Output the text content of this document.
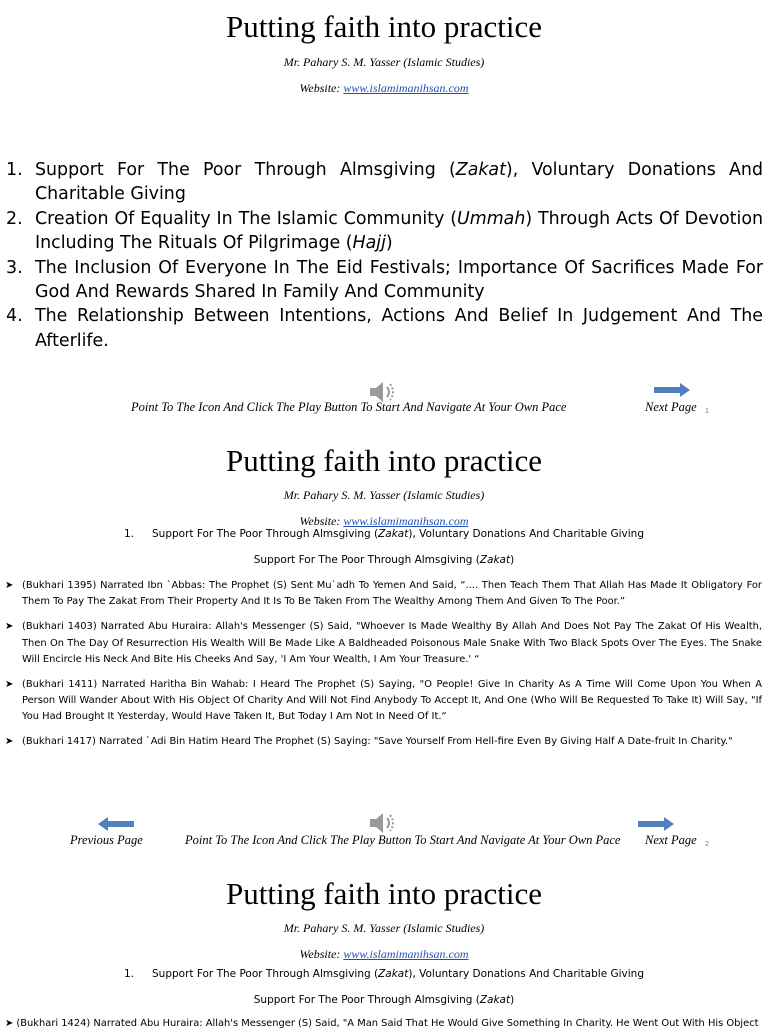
Putting faith into practice
Mr. Pahary S. M. Yasser (Islamic Studies)
Website: www.islamimanihsan.com
1. Support For The Poor Through Almsgiving (Zakat), Voluntary Donations And Charitable Giving
2. Creation Of Equality In The Islamic Community (Ummah) Through Acts Of Devotion Including The Rituals Of Pilgrimage (Hajj)
3. The Inclusion Of Everyone In The Eid Festivals; Importance Of Sacrifices Made For God And Rewards Shared In Family And Community
4. The Relationship Between Intentions, Actions And Belief In Judgement And The Afterlife.
Point To The Icon And Click The Play Button To Start And Navigate At Your Own Pace	Next Page 1
Putting faith into practice
Mr. Pahary S. M. Yasser (Islamic Studies)
Website: www.islamimanihsan.com
1. Support For The Poor Through Almsgiving (Zakat), Voluntary Donations And Charitable Giving
Support For The Poor Through Almsgiving (Zakat)
➤ (Bukhari 1395) Narrated Ibn `Abbas: The Prophet (S) Sent Mu`adh To Yemen And Said, “.... Then Teach Them That Allah Has Made It Obligatory For Them To Pay The Zakat From Their Property And It Is To Be Taken From The Wealthy Among Them And Given To The Poor.”
➤ (Bukhari 1403) Narrated Abu Huraira: Allah's Messenger (S) Said, "Whoever Is Made Wealthy By Allah And Does Not Pay The Zakat Of His Wealth, Then On The Day Of Resurrection His Wealth Will Be Made Like A Baldheaded Poisonous Male Snake With Two Black Spots Over The Eyes. The Snake Will Encircle His Neck And Bite His Cheeks And Say, 'I Am Your Wealth, I Am Your Treasure.' “
➤ (Bukhari 1411) Narrated Haritha Bin Wahab: I Heard The Prophet (S) Saying, "O People! Give In Charity As A Time Will Come Upon You When A Person Will Wander About With His Object Of Charity And Will Not Find Anybody To Accept It, And One (Who Will Be Requested To Take It) Will Say, "If You Had Brought It Yesterday, Would Have Taken It, But Today I Am Not In Need Of It.“
➤ (Bukhari 1417) Narrated `Adi Bin Hatim Heard The Prophet (S) Saying: "Save Yourself From Hell-fire Even By Giving Half A Date-fruit In Charity."
Previous Page	Point To The Icon And Click The Play Button To Start And Navigate At Your Own Pace Next Page 2
Putting faith into practice
Mr. Pahary S. M. Yasser (Islamic Studies)
Website: www.islamimanihsan.com
1. Support For The Poor Through Almsgiving (Zakat), Voluntary Donations And Charitable Giving
Support For The Poor Through Almsgiving (Zakat)
➤ (Bukhari 1424) Narrated Abu Huraira: Allah's Messenger (S) Said, "A Man Said That He Would Give Something In Charity. He Went Out With His Object
